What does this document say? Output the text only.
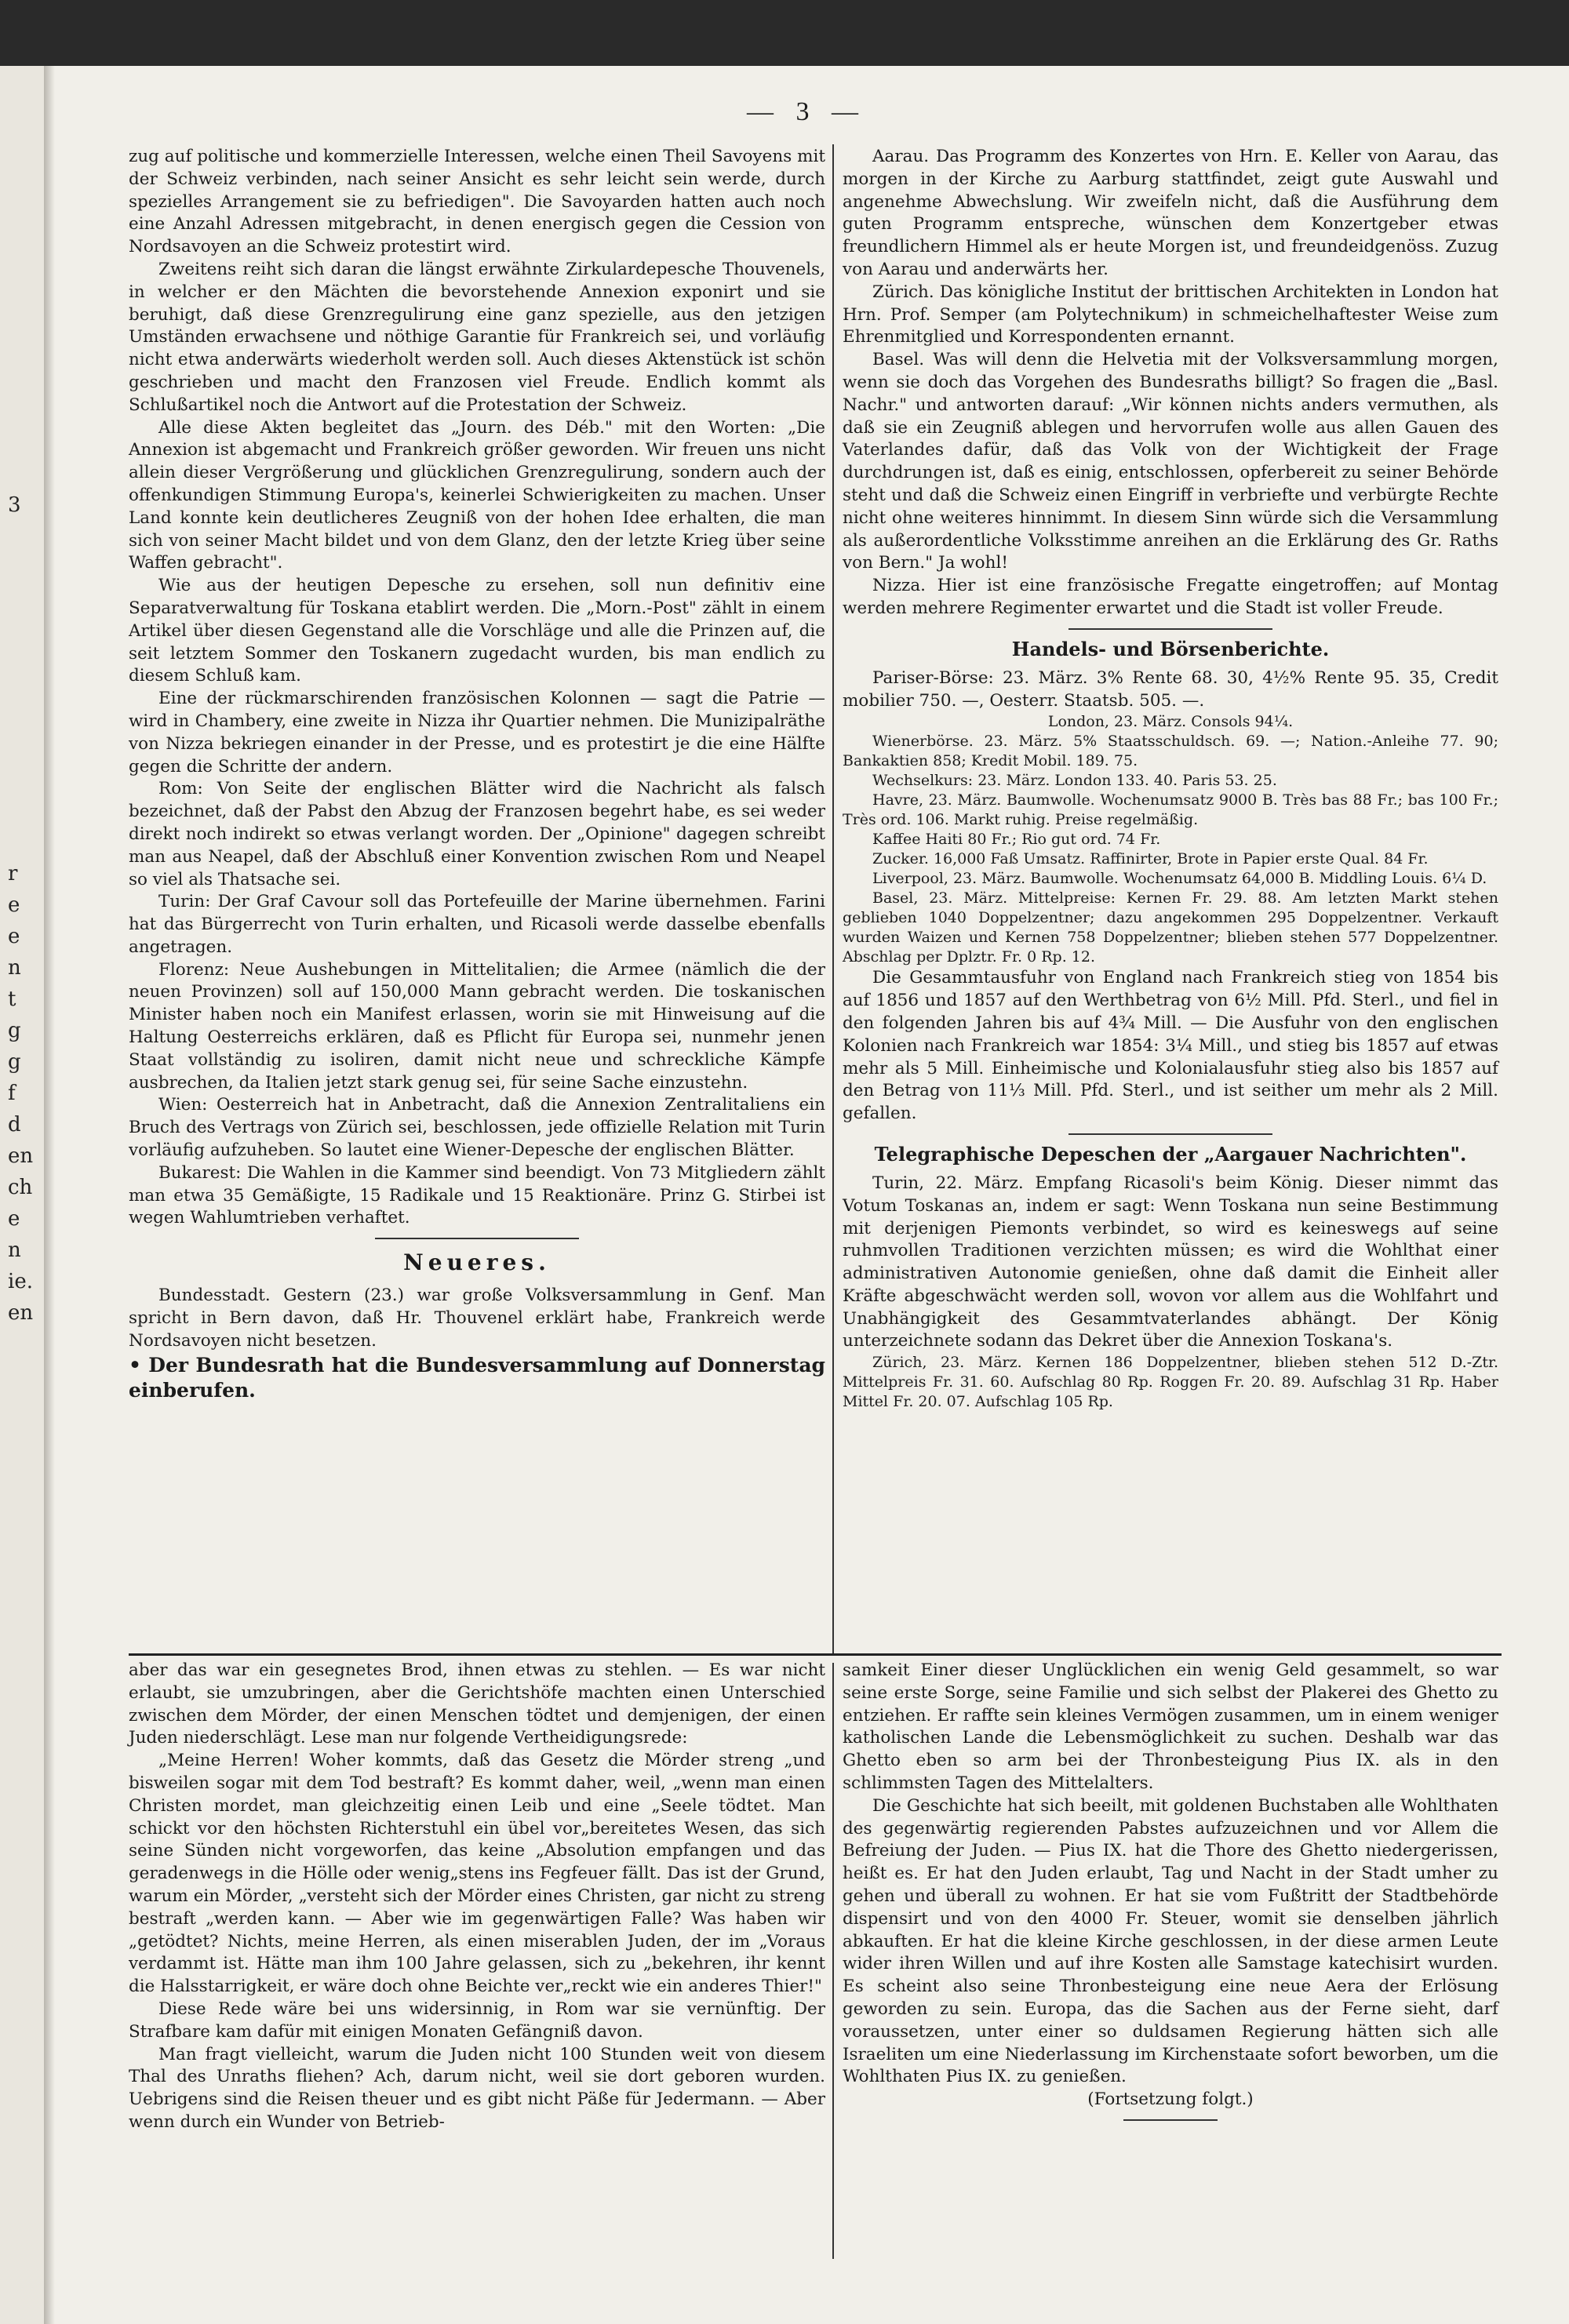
3
r
e
e
n
t
g
g
f
d
en
ch
e
n
ie.
en
— 3 —

zug auf politische und kommerzielle Interessen, welche einen Theil Savoyens mit der Schweiz verbinden, nach seiner Ansicht es sehr leicht sein werde, durch spezielles Arrangement sie zu befriedigen". Die Savoyarden hatten auch noch eine Anzahl Adressen mitgebracht, in denen energisch gegen die Cession von Nordsavoyen an die Schweiz protestirt wird.

Zweitens reiht sich daran die längst erwähnte Zirkulardepesche Thouvenels, in welcher er den Mächten die bevorstehende Annexion exponirt und sie beruhigt, daß diese Grenzregulirung eine ganz spezielle, aus den jetzigen Umständen erwachsene und nöthige Garantie für Frankreich sei, und vorläufig nicht etwa anderwärts wiederholt werden soll. Auch dieses Aktenstück ist schön geschrieben und macht den Franzosen viel Freude. Endlich kommt als Schlußartikel noch die Antwort auf die Protestation der Schweiz.

Alle diese Akten begleitet das „Journ. des Déb." mit den Worten: „Die Annexion ist abgemacht und Frankreich größer geworden. Wir freuen uns nicht allein dieser Vergrößerung und glücklichen Grenzregulirung, sondern auch der offenkundigen Stimmung Europa's, keinerlei Schwierigkeiten zu machen. Unser Land konnte kein deutlicheres Zeugniß von der hohen Idee erhalten, die man sich von seiner Macht bildet und von dem Glanz, den der letzte Krieg über seine Waffen gebracht".

Wie aus der heutigen Depesche zu ersehen, soll nun definitiv eine Separatverwaltung für Toskana etablirt werden. Die „Morn.-Post" zählt in einem Artikel über diesen Gegenstand alle die Vorschläge und alle die Prinzen auf, die seit letztem Sommer den Toskanern zugedacht wurden, bis man endlich zu diesem Schluß kam.

Eine der rückmarschirenden französischen Kolonnen — sagt die Patrie — wird in Chambery, eine zweite in Nizza ihr Quartier nehmen. Die Munizipalräthe von Nizza bekriegen einander in der Presse, und es protestirt je die eine Hälfte gegen die Schritte der andern.

Rom: Von Seite der englischen Blätter wird die Nachricht als falsch bezeichnet, daß der Pabst den Abzug der Franzosen begehrt habe, es sei weder direkt noch indirekt so etwas verlangt worden. Der „Opinione" dagegen schreibt man aus Neapel, daß der Abschluß einer Konvention zwischen Rom und Neapel so viel als Thatsache sei.

Turin: Der Graf Cavour soll das Portefeuille der Marine übernehmen. Farini hat das Bürgerrecht von Turin erhalten, und Ricasoli werde dasselbe ebenfalls angetragen.

Florenz: Neue Aushebungen in Mittelitalien; die Armee (nämlich die der neuen Provinzen) soll auf 150,000 Mann gebracht werden. Die toskanischen Minister haben noch ein Manifest erlassen, worin sie mit Hinweisung auf die Haltung Oesterreichs erklären, daß es Pflicht für Europa sei, nunmehr jenen Staat vollständig zu isoliren, damit nicht neue und schreckliche Kämpfe ausbrechen, da Italien jetzt stark genug sei, für seine Sache einzustehn.

Wien: Oesterreich hat in Anbetracht, daß die Annexion Zentralitaliens ein Bruch des Vertrags von Zürich sei, beschlossen, jede offizielle Relation mit Turin vorläufig aufzuheben. So lautet eine Wiener-Depesche der englischen Blätter.

Bukarest: Die Wahlen in die Kammer sind beendigt. Von 73 Mitgliedern zählt man etwa 35 Gemäßigte, 15 Radikale und 15 Reaktionäre. Prinz G. Stirbei ist wegen Wahlumtrieben verhaftet.

Neueres.

Bundesstadt. Gestern (23.) war große Volksversammlung in Genf. Man spricht in Bern davon, daß Hr. Thouvenel erklärt habe, Frankreich werde Nordsavoyen nicht besetzen.

• Der Bundesrath hat die Bundesversammlung auf Donnerstag einberufen.

Aarau. Das Programm des Konzertes von Hrn. E. Keller von Aarau, das morgen in der Kirche zu Aarburg stattfindet, zeigt gute Auswahl und angenehme Abwechslung. Wir zweifeln nicht, daß die Ausführung dem guten Programm entspreche, wünschen dem Konzertgeber etwas freundlichern Himmel als er heute Morgen ist, und freundeidgenöss. Zuzug von Aarau und anderwärts her.

Zürich. Das königliche Institut der brittischen Architekten in London hat Hrn. Prof. Semper (am Polytechnikum) in schmeichelhaftester Weise zum Ehrenmitglied und Korrespondenten ernannt.

Basel. Was will denn die Helvetia mit der Volksversammlung morgen, wenn sie doch das Vorgehen des Bundesraths billigt? So fragen die „Basl. Nachr." und antworten darauf: „Wir können nichts anders vermuthen, als daß sie ein Zeugniß ablegen und hervorrufen wolle aus allen Gauen des Vaterlandes dafür, daß das Volk von der Wichtigkeit der Frage durchdrungen ist, daß es einig, entschlossen, opferbereit zu seiner Behörde steht und daß die Schweiz einen Eingriff in verbriefte und verbürgte Rechte nicht ohne weiteres hinnimmt. In diesem Sinn würde sich die Versammlung als außerordentliche Volksstimme anreihen an die Erklärung des Gr. Raths von Bern." Ja wohl!

Nizza. Hier ist eine französische Fregatte eingetroffen; auf Montag werden mehrere Regimenter erwartet und die Stadt ist voller Freude.

Handels- und Börsenberichte.

Pariser-Börse: 23. März. 3% Rente 68. 30, 4½% Rente 95. 35, Credit mobilier 750. —, Oesterr. Staatsb. 505. —.

London, 23. März. Consols 94¼.

Wienerbörse. 23. März. 5% Staatsschuldsch. 69. —; Nation.-Anleihe 77. 90; Bankaktien 858; Kredit Mobil. 189. 75.

Wechselkurs: 23. März. London 133. 40. Paris 53. 25.

Havre, 23. März. Baumwolle. Wochenumsatz 9000 B. Très bas 88 Fr.; bas 100 Fr.; Très ord. 106. Markt ruhig. Preise regelmäßig.

Kaffee Haiti 80 Fr.; Rio gut ord. 74 Fr.

Zucker. 16,000 Faß Umsatz. Raffinirter, Brote in Papier erste Qual. 84 Fr.

Liverpool, 23. März. Baumwolle. Wochenumsatz 64,000 B. Middling Louis. 6¼ D.

Basel, 23. März. Mittelpreise: Kernen Fr. 29. 88. Am letzten Markt stehen geblieben 1040 Doppelzentner; dazu angekommen 295 Doppelzentner. Verkauft wurden Waizen und Kernen 758 Doppelzentner; blieben stehen 577 Doppelzentner. Abschlag per Dplztr. Fr. 0 Rp. 12.

Die Gesammtausfuhr von England nach Frankreich stieg von 1854 bis auf 1856 und 1857 auf den Werthbetrag von 6½ Mill. Pfd. Sterl., und fiel in den folgenden Jahren bis auf 4¾ Mill. — Die Ausfuhr von den englischen Kolonien nach Frankreich war 1854: 3¼ Mill., und stieg bis 1857 auf etwas mehr als 5 Mill. Einheimische und Kolonialausfuhr stieg also bis 1857 auf den Betrag von 11⅓ Mill. Pfd. Sterl., und ist seither um mehr als 2 Mill. gefallen.

Telegraphische Depeschen der „Aargauer Nachrichten".

Turin, 22. März. Empfang Ricasoli's beim König. Dieser nimmt das Votum Toskanas an, indem er sagt: Wenn Toskana nun seine Bestimmung mit derjenigen Piemonts verbindet, so wird es keineswegs auf seine ruhmvollen Traditionen verzichten müssen; es wird die Wohlthat einer administrativen Autonomie genießen, ohne daß damit die Einheit aller Kräfte abgeschwächt werden soll, wovon vor allem aus die Wohlfahrt und Unabhängigkeit des Gesammtvaterlandes abhängt. Der König unterzeichnete sodann das Dekret über die Annexion Toskana's.

Zürich, 23. März. Kernen 186 Doppelzentner, blieben stehen 512 D.-Ztr. Mittelpreis Fr. 31. 60. Aufschlag 80 Rp. Roggen Fr. 20. 89. Aufschlag 31 Rp. Haber Mittel Fr. 20. 07. Aufschlag 105 Rp.

aber das war ein gesegnetes Brod, ihnen etwas zu stehlen. — Es war nicht erlaubt, sie umzubringen, aber die Gerichtshöfe machten einen Unterschied zwischen dem Mörder, der einen Menschen tödtet und demjenigen, der einen Juden niederschlägt. Lese man nur folgende Vertheidigungsrede:

„Meine Herren! Woher kommts, daß das Gesetz die Mörder streng „und bisweilen sogar mit dem Tod bestraft? Es kommt daher, weil, „wenn man einen Christen mordet, man gleichzeitig einen Leib und eine „Seele tödtet. Man schickt vor den höchsten Richterstuhl ein übel vor„bereitetes Wesen, das sich seine Sünden nicht vorgeworfen, das keine „Absolution empfangen und das geradenwegs in die Hölle oder wenig„stens ins Fegfeuer fällt. Das ist der Grund, warum ein Mörder, „versteht sich der Mörder eines Christen, gar nicht zu streng bestraft „werden kann. — Aber wie im gegenwärtigen Falle? Was haben wir „getödtet? Nichts, meine Herren, als einen miserablen Juden, der im „Voraus verdammt ist. Hätte man ihm 100 Jahre gelassen, sich zu „bekehren, ihr kennt die Halsstarrigkeit, er wäre doch ohne Beichte ver„reckt wie ein anderes Thier!"

Diese Rede wäre bei uns widersinnig, in Rom war sie vernünftig. Der Strafbare kam dafür mit einigen Monaten Gefängniß davon.

Man fragt vielleicht, warum die Juden nicht 100 Stunden weit von diesem Thal des Unraths fliehen? Ach, darum nicht, weil sie dort geboren wurden. Uebrigens sind die Reisen theuer und es gibt nicht Päße für Jedermann. — Aber wenn durch ein Wunder von Betrieb-

samkeit Einer dieser Unglücklichen ein wenig Geld gesammelt, so war seine erste Sorge, seine Familie und sich selbst der Plakerei des Ghetto zu entziehen. Er raffte sein kleines Vermögen zusammen, um in einem weniger katholischen Lande die Lebensmöglichkeit zu suchen. Deshalb war das Ghetto eben so arm bei der Thronbesteigung Pius IX. als in den schlimmsten Tagen des Mittelalters.

Die Geschichte hat sich beeilt, mit goldenen Buchstaben alle Wohlthaten des gegenwärtig regierenden Pabstes aufzuzeichnen und vor Allem die Befreiung der Juden. — Pius IX. hat die Thore des Ghetto niedergerissen, heißt es. Er hat den Juden erlaubt, Tag und Nacht in der Stadt umher zu gehen und überall zu wohnen. Er hat sie vom Fußtritt der Stadtbehörde dispensirt und von den 4000 Fr. Steuer, womit sie denselben jährlich abkauften. Er hat die kleine Kirche geschlossen, in der diese armen Leute wider ihren Willen und auf ihre Kosten alle Samstage katechisirt wurden. Es scheint also seine Thronbesteigung eine neue Aera der Erlösung geworden zu sein. Europa, das die Sachen aus der Ferne sieht, darf voraussetzen, unter einer so duldsamen Regierung hätten sich alle Israeliten um eine Niederlassung im Kirchenstaate sofort beworben, um die Wohlthaten Pius IX. zu genießen.

(Fortsetzung folgt.)
